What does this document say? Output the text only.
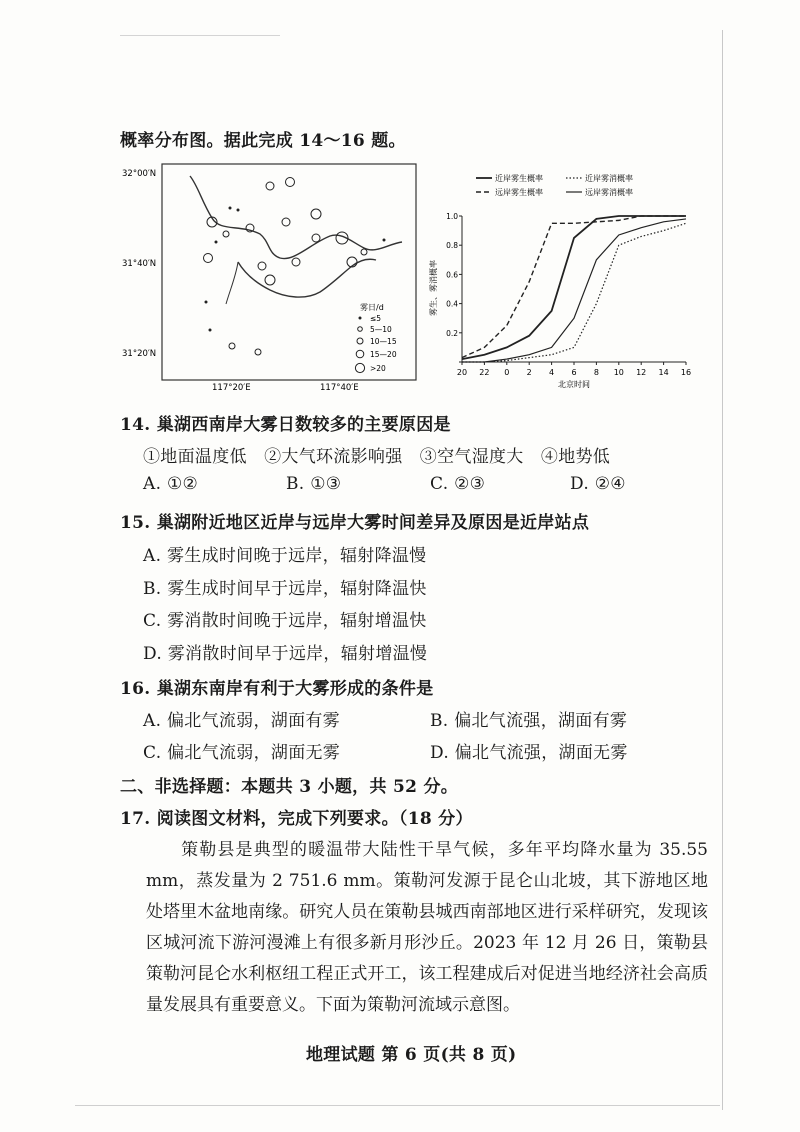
概率分布图。据此完成 14～16 题。
32°00′N
31°40′N
31°20′N
117°20′E	117°40′E
雾日/d
≤5
5—10
10—15
15—20
>20	20 22 0 2 4 6 8 10 12 14 16
0.2
0.4
0.6
0.8
1.0
北京时间
雾生、雾消概率
近岸雾生概率	近岸雾消概率
远岸雾生概率	远岸雾消概率
14. 巢湖西南岸大雾日数较多的主要原因是
①地面温度低　②大气环流影响强　③空气湿度大　④地势低
A. ①②	B. ①③	C. ②③	D. ②④
15. 巢湖附近地区近岸与远岸大雾时间差异及原因是近岸站点
A. 雾生成时间晚于远岸，辐射降温慢
B. 雾生成时间早于远岸，辐射降温快
C. 雾消散时间晚于远岸，辐射增温快
D. 雾消散时间早于远岸，辐射增温慢
16. 巢湖东南岸有利于大雾形成的条件是
A. 偏北气流弱，湖面有雾	B. 偏北气流强，湖面有雾
C. 偏北气流弱，湖面无雾	D. 偏北气流强，湖面无雾
二、非选择题：本题共 3 小题，共 52 分。
17. 阅读图文材料，完成下列要求。（18 分）
策勒县是典型的暖温带大陆性干旱气候，多年平均降水量为 35.55 mm，蒸发量为 2 751.6 mm。策勒河发源于昆仑山北坡，其下游地区地处塔里木盆地南缘。研究人员在策勒县城西南部地区进行采样研究，发现该区城河流下游河漫滩上有很多新月形沙丘。2023 年 12 月 26 日，策勒县策勒河昆仑水利枢纽工程正式开工，该工程建成后对促进当地经济社会高质量发展具有重要意义。下面为策勒河流域示意图。
地理试题 第 6 页(共 8 页)
